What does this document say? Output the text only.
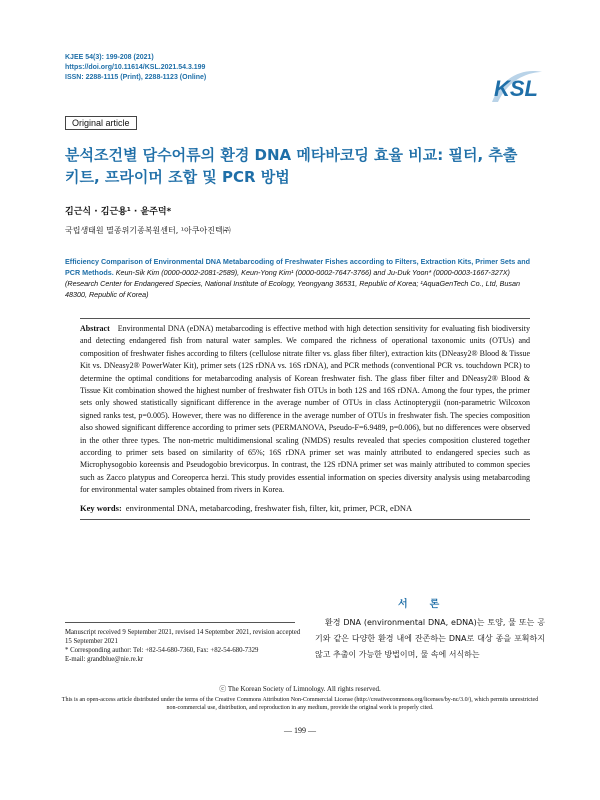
KJEE 54(3): 199-208 (2021)
https://doi.org/10.11614/KSL.2021.54.3.199
ISSN: 2288-1115 (Print), 2288-1123 (Online)	KSL
Original article
분석조건별 담수어류의 환경 DNA 메타바코딩 효율 비교: 필터, 추출 키트, 프라이머 조합 및 PCR 방법
김근식 · 김근용¹ · 윤주덕*
국립생태원 멸종위기종복원센터, ¹아쿠아진텍㈜
Efficiency Comparison of Environmental DNA Metabarcoding of Freshwater Fishes according to Filters, Extraction Kits, Primer Sets and PCR Methods. Keun-Sik Kim (0000-0002-2081-2589), Keun-Yong Kim¹ (0000-0002-7647-3766) and Ju-Duk Yoon* (0000-0003-1667-327X) (Research Center for Endangered Species, National Institute of Ecology, Yeongyang 36531, Republic of Korea; ¹AquaGenTech Co., Ltd, Busan 48300, Republic of Korea)

Abstract Environmental DNA (eDNA) metabarcoding is effective method with high detection sensitivity for evaluating fish biodiversity and detecting endangered fish from natural water samples. We compared the richness of operational taxonomic units (OTUs) and composition of freshwater fishes according to filters (cellulose nitrate filter vs. glass fiber filter), extraction kits (DNeasy2® Blood & Tissue Kit vs. DNeasy2® PowerWater Kit), primer sets (12S rDNA vs. 16S rDNA), and PCR methods (conventional PCR vs. touchdown PCR) to determine the optimal conditions for metabarcoding analysis of Korean freshwater fish. The glass fiber filter and DNeasy2® Blood & Tissue Kit combination showed the highest number of freshwater fish OTUs in both 12S and 16S rDNA. Among the four types, the primer sets only showed statistically significant difference in the average number of OTUs in class Actinopterygii (non-parametric Wilcoxon signed ranks test, p=0.005). However, there was no difference in the average number of OTUs in freshwater fish. The species composition also showed significant difference according to primer sets (PERMANOVA, Pseudo-F=6.9489, p=0.006), but no differences were observed in the other three types. The non-metric multidimensional scaling (NMDS) results revealed that species composition clustered together according to primer sets based on similarity of 65%; 16S rDNA primer set was mainly attributed to endangered species such as Microphysogobio koreensis and Pseudogobio brevicorpus. In contrast, the 12S rDNA primer set was mainly attributed to common species such as Zacco platypus and Coreoperca herzi. This study provides essential information on species diversity analysis using metabarcoding for environmental water samples obtained from rivers in Korea.

Key words: environmental DNA, metabarcoding, freshwater fish, filter, kit, primer, PCR, eDNA

서론
환경 DNA (environmental DNA, eDNA)는 토양, 물 또는 공기와 같은 다양한 환경 내에 잔존하는 DNA로 대상 종을 포획하지 않고 추출이 가능한 방법이며, 물 속에 서식하는
Manuscript received 9 September 2021, revised 14 September 2021, revision accepted 15 September 2021
* Corresponding author: Tel: +82-54-680-7360, Fax: +82-54-680-7329
E-mail: grandblue@nie.re.kr
ⓒ The Korean Society of Limnology. All rights reserved.
This is an open-access article distributed under the terms of the Creative Commons Attribution Non-Commercial License (http://creativecommons.org/licenses/by-nc/3.0/), which permits unrestricted non-commercial use, distribution, and reproduction in any medium, provide the original work is properly cited.
— 199 —
